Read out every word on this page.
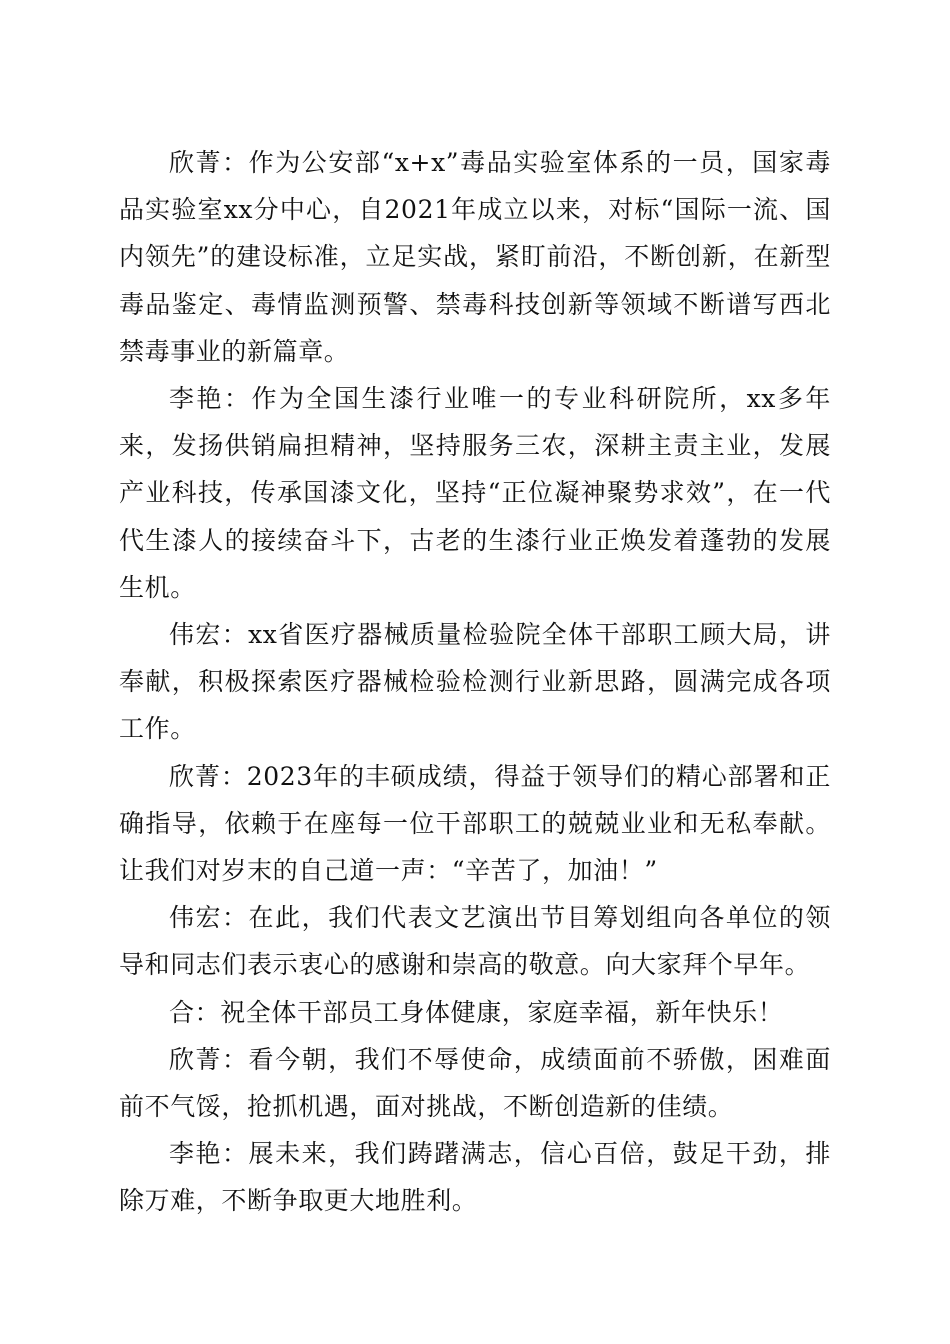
欣菁：作为公安部“x+x”毒品实验室体系的一员，国家毒品实验室xx分中心，自2021年成立以来，对标“国际一流、国内领先”的建设标准，立足实战，紧盯前沿，不断创新，在新型毒品鉴定、毒情监测预警、禁毒科技创新等领域不断谱写西北禁毒事业的新篇章。

李艳：作为全国生漆行业唯一的专业科研院所，xx多年来，发扬供销扁担精神，坚持服务三农，深耕主责主业，发展产业科技，传承国漆文化，坚持“正位凝神聚势求效”，在一代代生漆人的接续奋斗下，古老的生漆行业正焕发着蓬勃的发展生机。

伟宏：xx省医疗器械质量检验院全体干部职工顾大局，讲奉献，积极探索医疗器械检验检测行业新思路，圆满完成各项工作。

欣菁：2023年的丰硕成绩，得益于领导们的精心部署和正确指导，依赖于在座每一位干部职工的兢兢业业和无私奉献。让我们对岁末的自己道一声：“辛苦了，加油！”

伟宏：在此，我们代表文艺演出节目筹划组向各单位的领导和同志们表示衷心的感谢和崇高的敬意。向大家拜个早年。

合：祝全体干部员工身体健康，家庭幸福，新年快乐！

欣菁：看今朝，我们不辱使命，成绩面前不骄傲，困难面前不气馁，抢抓机遇，面对挑战，不断创造新的佳绩。

李艳：展未来，我们踌躇满志，信心百倍，鼓足干劲，排除万难，不断争取更大地胜利。
